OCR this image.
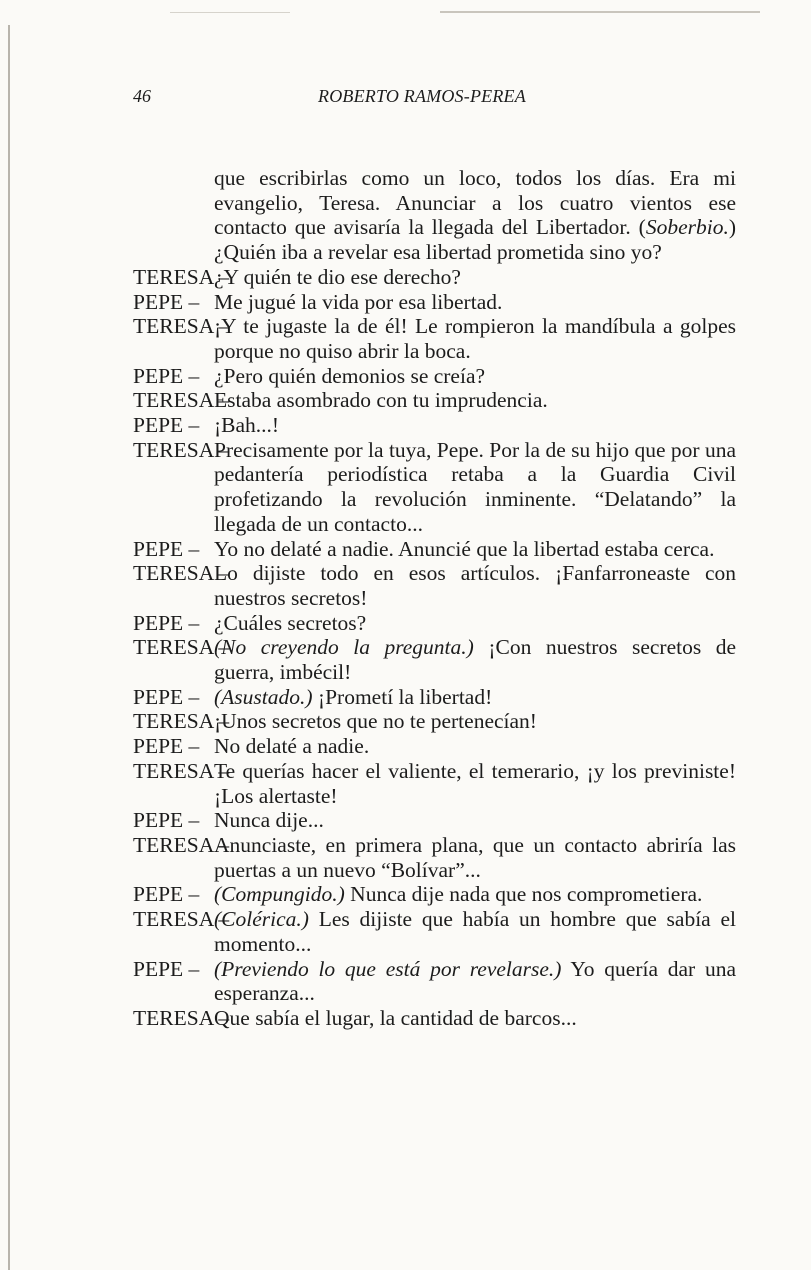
46	ROBERTO RAMOS-PEREA
que escribirlas como un loco, todos los días. Era mi evangelio, Teresa. Anunciar a los cuatro vientos ese contacto que avisaría la llegada del Libertador. (Soberbio.) ¿Quién iba a revelar esa libertad prometida sino yo?
TERESA –
¿Y quién te dio ese derecho?
PEPE – Me jugué la vida por esa libertad.
TERESA –
¡Y te jugaste la de él! Le rompieron la mandíbula a golpes porque no quiso abrir la boca.
PEPE – ¿Pero quién demonios se creía?
TERESA –
Estaba asombrado con tu imprudencia.
PEPE – ¡Bah...!
TERESA –
Precisamente por la tuya, Pepe. Por la de su hijo que por una pedantería periodística retaba a la Guardia Civil profetizando la revolución inminente. “Delatando” la llegada de un contacto...
PEPE – Yo no delaté a nadie. Anuncié que la libertad estaba cerca.
TERESA –
Lo dijiste todo en esos artículos. ¡Fanfarroneaste con nuestros secretos!
PEPE – ¿Cuáles secretos?
TERESA –
(No creyendo la pregunta.) ¡Con nuestros secretos de guerra, imbécil!
PEPE – (Asustado.) ¡Prometí la libertad!
TERESA –
¡Unos secretos que no te pertenecían!
PEPE – No delaté a nadie.
TERESA –
Te querías hacer el valiente, el temerario, ¡y los previniste! ¡Los alertaste!
PEPE – Nunca dije...
TERESA –
Anunciaste, en primera plana, que un contacto abriría las puertas a un nuevo “Bolívar”...
PEPE – (Compungido.) Nunca dije nada que nos comprometiera.
TERESA –
(Colérica.) Les dijiste que había un hombre que sabía el momento...
PEPE – (Previendo lo que está por revelarse.) Yo quería dar una esperanza...
TERESA –
Que sabía el lugar, la cantidad de barcos...
